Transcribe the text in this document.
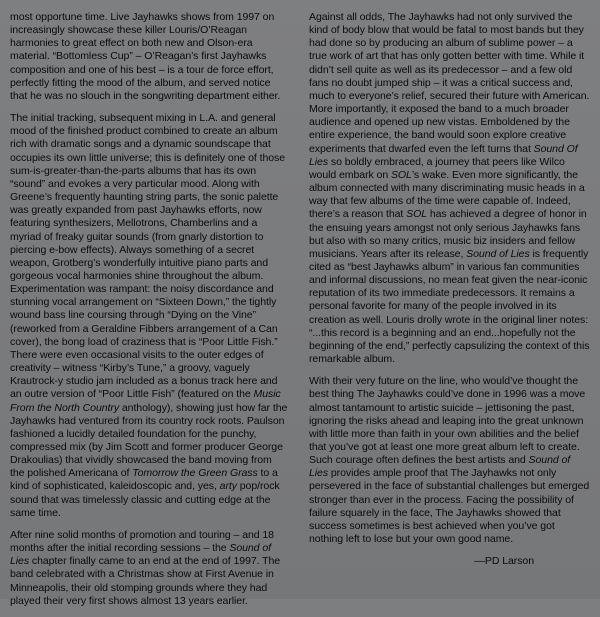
most opportune time. Live Jayhawks shows from 1997 on increasingly showcase these killer Louris/O’Reagan harmonies to great effect on both new and Olson-era material. “Bottomless Cup” – O’Reagan’s first Jayhawks composition and one of his best – is a tour de force effort, perfectly fitting the mood of the album, and served notice that he was no slouch in the songwriting department either.

The initial tracking, subsequent mixing in L.A. and general mood of the finished product combined to create an album rich with dramatic songs and a dynamic soundscape that occupies its own little universe; this is definitely one of those sum-is-greater-than-the-parts albums that has its own “sound” and evokes a very particular mood. Along with Greene’s frequently haunting string parts, the sonic palette was greatly expanded from past Jayhawks efforts, now featuring synthesizers, Mellotrons, Chamberlins and a myriad of freaky guitar sounds (from gnarly distortion to piercing e-bow effects). Always something of a secret weapon, Grotberg’s wonderfully intuitive piano parts and gorgeous vocal harmonies shine throughout the album. Experimentation was rampant: the noisy discordance and stunning vocal arrangement on “Sixteen Down,” the tightly wound bass line coursing through “Dying on the Vine” (reworked from a Geraldine Fibbers arrangement of a Can cover), the bong load of craziness that is “Poor Little Fish.” There were even occasional visits to the outer edges of creativity – witness “Kirby’s Tune,” a groovy, vaguely Krautrock-y studio jam included as a bonus track here and an outre version of “Poor Little Fish” (featured on the Music From the North Country anthology), showing just how far the Jayhawks had ventured from its country rock roots. Paulson fashioned a lucidly detailed foundation for the punchy, compressed mix (by Jim Scott and former producer George Drakoulias) that vividly showcased the band moving from the polished Americana of Tomorrow the Green Grass to a kind of sophisticated, kaleidoscopic and, yes, arty pop/rock sound that was timelessly classic and cutting edge at the same time.

After nine solid months of promotion and touring – and 18 months after the initial recording sessions – the Sound of Lies chapter finally came to an end at the end of 1997. The band celebrated with a Christmas show at First Avenue in Minneapolis, their old stomping grounds where they had played their very first shows almost 13 years earlier.

Against all odds, The Jayhawks had not only survived the kind of body blow that would be fatal to most bands but they had done so by producing an album of sublime power – a true work of art that has only gotten better with time. While it didn’t sell quite as well as its predecessor – and a few old fans no doubt jumped ship – it was a critical success and, much to everyone’s relief, secured their future with American. More importantly, it exposed the band to a much broader audience and opened up new vistas. Emboldened by the entire experience, the band would soon explore creative experiments that dwarfed even the left turns that Sound Of Lies so boldly embraced, a journey that peers like Wilco would embark on SOL’s wake. Even more significantly, the album connected with many discriminating music heads in a way that few albums of the time were capable of. Indeed, there’s a reason that SOL has achieved a degree of honor in the ensuing years amongst not only serious Jayhawks fans but also with so many critics, music biz insiders and fellow musicians. Years after its release, Sound of Lies is frequently cited as “best Jayhawks album” in various fan communities and informal discussions, no mean feat given the near-iconic reputation of its two immediate predecessors. It remains a personal favorite for many of the people involved in its creation as well. Louris drolly wrote in the original liner notes: “...this record is a beginning and an end...hopefully not the beginning of the end,” perfectly capsulizing the context of this remarkable album.

With their very future on the line, who would’ve thought the best thing The Jayhawks could’ve done in 1996 was a move almost tantamount to artistic suicide – jettisoning the past, ignoring the risks ahead and leaping into the great unknown with little more than faith in your own abilities and the belief that you’ve got at least one more great album left to create. Such courage often defines the best artists and Sound of Lies provides ample proof that The Jayhawks not only persevered in the face of substantial challenges but emerged stronger than ever in the process. Facing the possibility of failure squarely in the face, The Jayhawks showed that success sometimes is best achieved when you’ve got nothing left to lose but your own good name.

—PD Larson
